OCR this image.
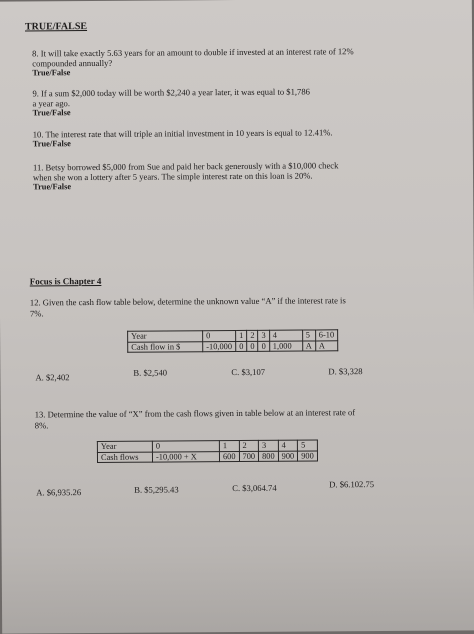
TRUE/FALSE
8. It will take exactly 5.63 years for an amount to double if invested at an interest rate of 12%
compounded annually?
True/False
9. If a sum $2,000 today will be worth $2,240 a year later, it was equal to $1,786
a year ago.
True/False
10. The interest rate that will triple an initial investment in 10 years is equal to 12.41%.
True/False
11. Betsy borrowed $5,000 from Sue and paid her back generously with a $10,000 check
when she won a lottery after 5 years. The simple interest rate on this loan is 20%.
True/False
Focus is Chapter 4
12. Given the cash flow table below, determine the unknown value “A” if the interest rate is
7%.
Year	0	1	2	3	4	5	6-10
Cash flow in $	-10,000	0	0	0	1,000	A	A
A. $2,402	B. $2,540	C. $3,107	D. $3,328
13. Determine the value of “X” from the cash flows given in table below at an interest rate of
8%.
Year	0	1	2	3	4	5
Cash flows	-10,000 + X	600	700	800	900	900
A. $6,935.26	B. $5,295.43	C. $3,064.74	D. $6.102.75
